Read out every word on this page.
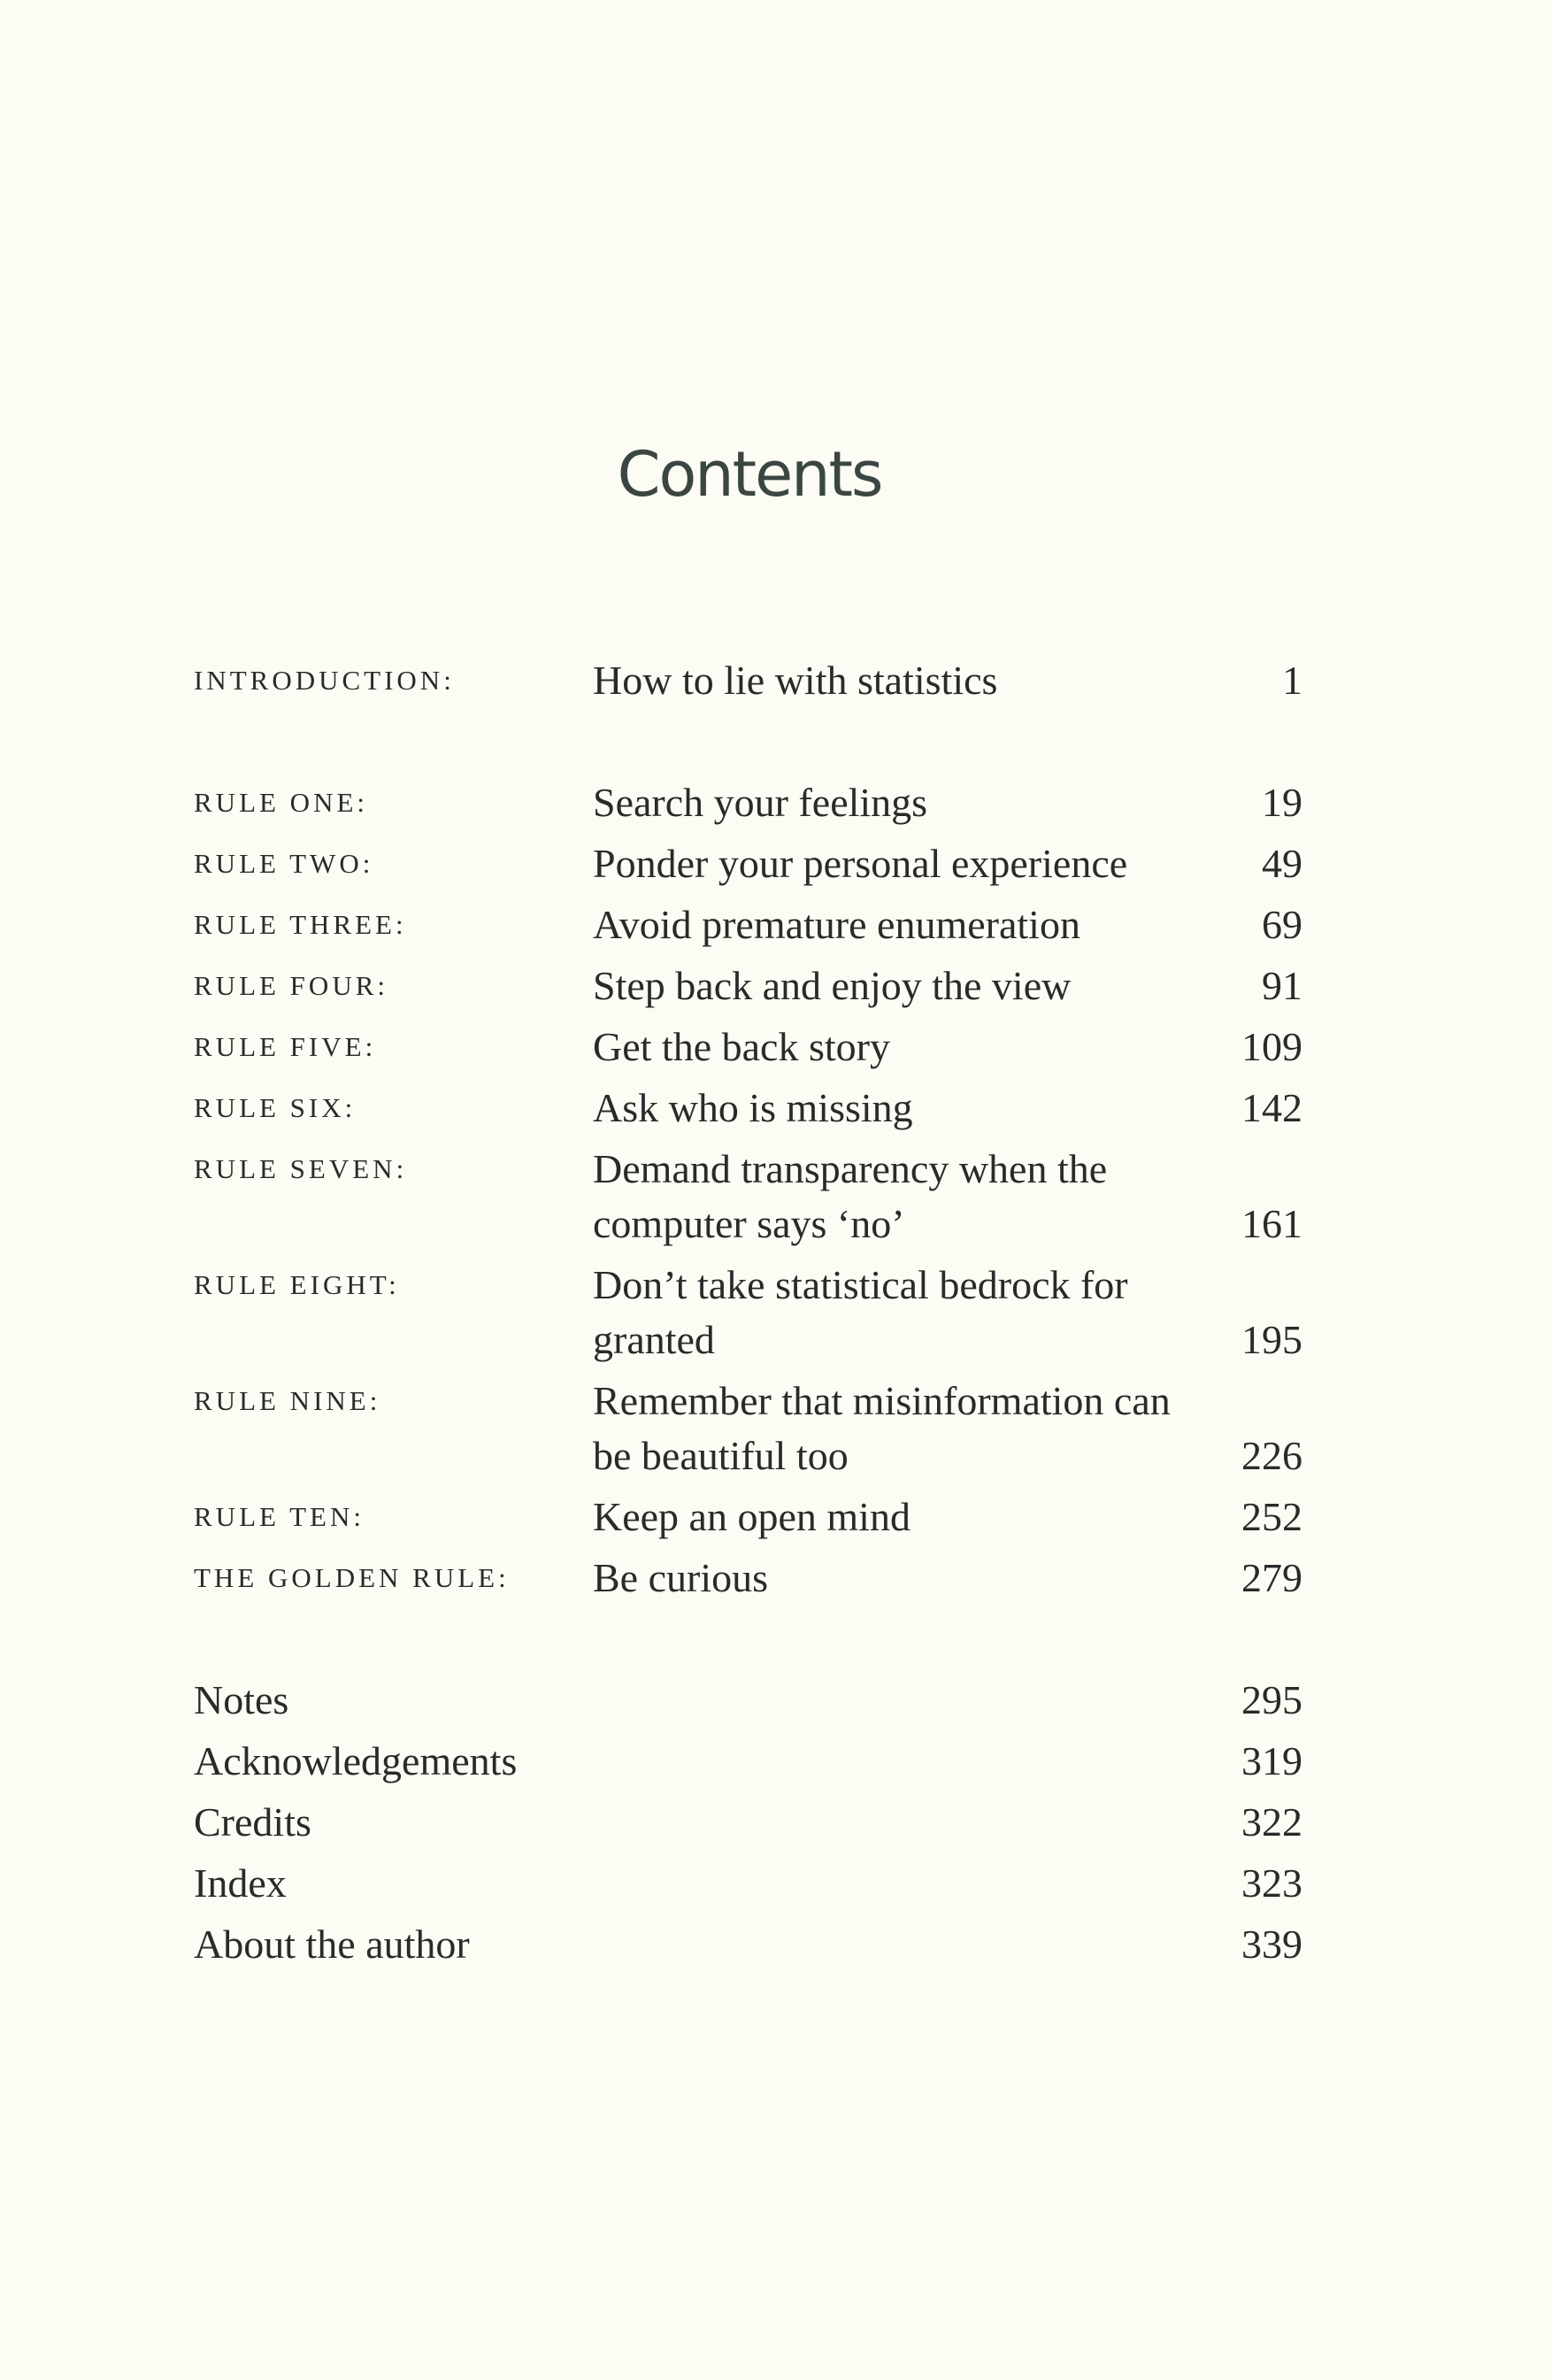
Contents
INTRODUCTION:	How to lie with statistics	1
RULE ONE:	Search your feelings	19
RULE TWO:	Ponder your personal experience	49
RULE THREE:	Avoid premature enumeration	69
RULE FOUR:	Step back and enjoy the view	91
RULE FIVE:	Get the back story	109
RULE SIX:	Ask who is missing	142
RULE SEVEN:	Demand transparency when the computer says ‘no’	161
RULE EIGHT:	Don’t take statistical bedrock for granted	195
RULE NINE:	Remember that misinformation can be beautiful too	226
RULE TEN:	Keep an open mind	252
THE GOLDEN RULE:	Be curious	279
Notes	295
Acknowledgements	319
Credits	322
Index	323
About the author	339
